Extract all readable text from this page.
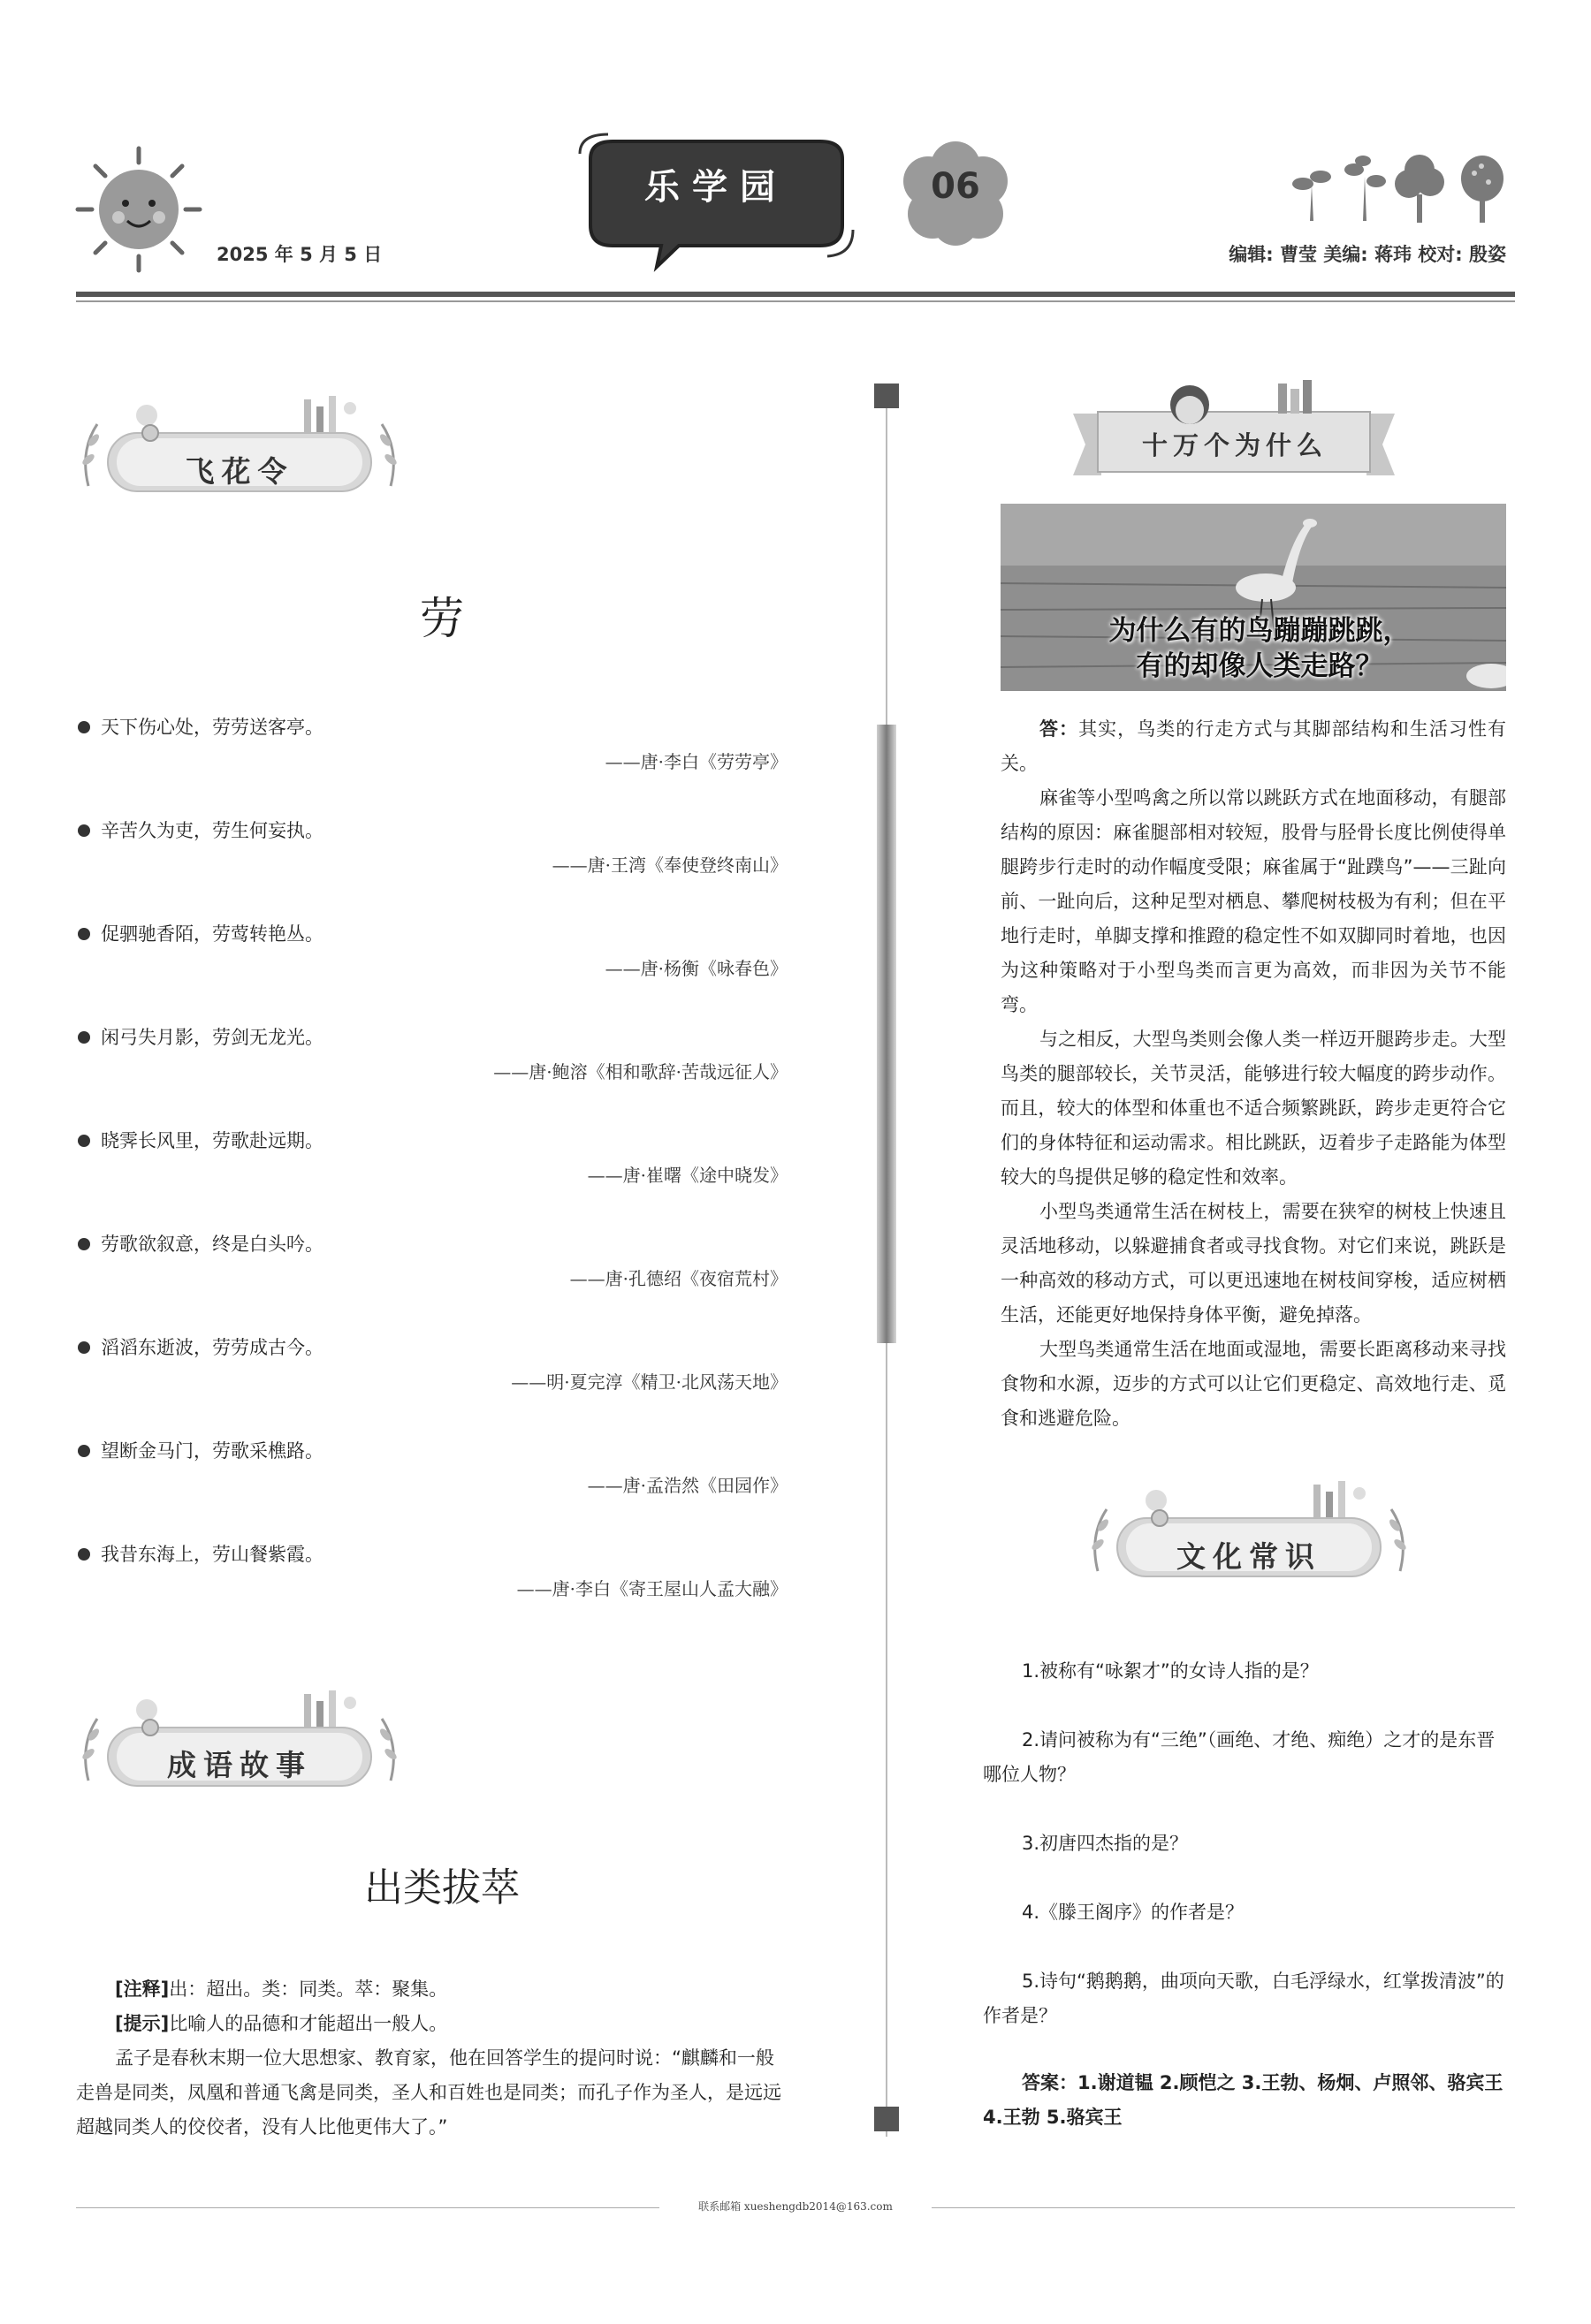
2025 年 5 月 5 日
乐学园	06
编辑: 曹莹 美编: 蒋玮 校对: 殷姿
飞花令
劳
天下伤心处，劳劳送客亭。
——唐·李白《劳劳亭》
辛苦久为吏，劳生何妄执。
——唐·王湾《奉使登终南山》
促驷驰香陌，劳莺转艳丛。
——唐·杨衡《咏春色》
闲弓失月影，劳剑无龙光。
——唐·鲍溶《相和歌辞·苦哉远征人》
晓霁长风里，劳歌赴远期。
——唐·崔曙《途中晓发》
劳歌欲叙意，终是白头吟。
——唐·孔德绍《夜宿荒村》
滔滔东逝波，劳劳成古今。
——明·夏完淳《精卫·北风荡天地》
望断金马门，劳歌采樵路。
——唐·孟浩然《田园作》
我昔东海上，劳山餐紫霞。
——唐·李白《寄王屋山人孟大融》
成语故事
出类拔萃

[注释]出：超出。类：同类。萃：聚集。

[提示]比喻人的品德和才能超出一般人。

孟子是春秋末期一位大思想家、教育家，他在回答学生的提问时说：“麒麟和一般走兽是同类，凤凰和普通飞禽是同类，圣人和百姓也是同类；而孔子作为圣人，是远远超越同类人的佼佼者，没有人比他更伟大了。”

十万个为什么
为什么有的鸟蹦蹦跳跳，
有的却像人类走路？

答：其实，鸟类的行走方式与其脚部结构和生活习性有关。

麻雀等小型鸣禽之所以常以跳跃方式在地面移动，有腿部结构的原因：麻雀腿部相对较短，股骨与胫骨长度比例使得单腿跨步行走时的动作幅度受限；麻雀属于“趾蹼鸟”——三趾向前、一趾向后，这种足型对栖息、攀爬树枝极为有利；但在平地行走时，单脚支撑和推蹬的稳定性不如双脚同时着地，也因为这种策略对于小型鸟类而言更为高效，而非因为关节不能弯。

与之相反，大型鸟类则会像人类一样迈开腿跨步走。大型鸟类的腿部较长，关节灵活，能够进行较大幅度的跨步动作。而且，较大的体型和体重也不适合频繁跳跃，跨步走更符合它们的身体特征和运动需求。相比跳跃，迈着步子走路能为体型较大的鸟提供足够的稳定性和效率。

小型鸟类通常生活在树枝上，需要在狭窄的树枝上快速且灵活地移动，以躲避捕食者或寻找食物。对它们来说，跳跃是一种高效的移动方式，可以更迅速地在树枝间穿梭，适应树栖生活，还能更好地保持身体平衡，避免掉落。

大型鸟类通常生活在地面或湿地，需要长距离移动来寻找食物和水源，迈步的方式可以让它们更稳定、高效地行走、觅食和逃避危险。

文化常识

1.被称有“咏絮才”的女诗人指的是？

2.请问被称为有“三绝”（画绝、才绝、痴绝）之才的是东晋哪位人物？

3.初唐四杰指的是？

4.《滕王阁序》的作者是？

5.诗句“鹅鹅鹅，曲项向天歌，白毛浮绿水，红掌拨清波”的作者是？

答案：1.谢道韫 2.顾恺之 3.王勃、杨炯、卢照邻、骆宾王 4.王勃 5.骆宾王
联系邮箱 xueshengdb2014@163.com
